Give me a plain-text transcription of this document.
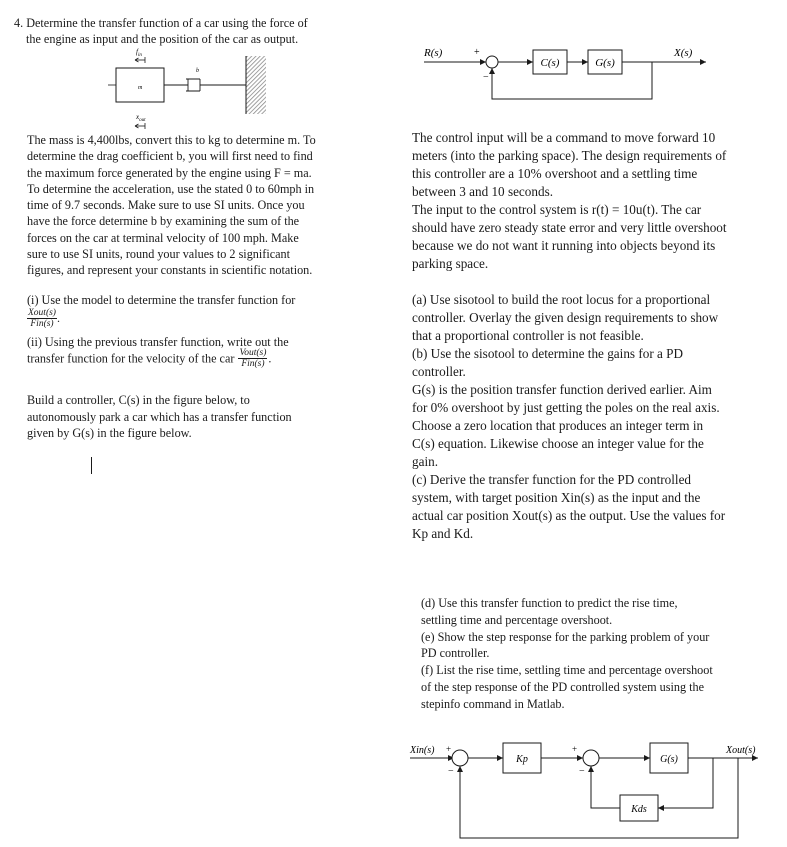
4. Determine the transfer function of a car using the force of
the engine as input and the position of the car as output.
$f_{in}$
m
b
$x_{out}$
The mass is 4,400lbs, convert this to kg to determine m. To
determine the drag coefficient b, you will first need to find
the maximum force generated by the engine using F = ma.
To determine the acceleration, use the stated 0 to 60mph in
time of 9.7 seconds. Make sure to use SI units. Once you
have the force determine b by examining the sum of the
forces on the car at terminal velocity of 100 mph. Make
sure to use SI units, round your values to 2 significant
figures, and represent your constants in scientific notation.
(i) Use the model to determine the transfer function for
$\frac{\text{Xout(s)}}{\text{Fin(s)}}$ .
(ii) Using the previous transfer function, write out the
transfer function for the velocity of the car $\frac{\text{Vout(s)}}{\text{Fin(s)}}$ .
Build a controller, C(s) in the figure below, to
autonomously park a car which has a transfer function
given by G(s) in the figure below.
R(s)	+
−
C(s)	G(s)
X(s)
The control input will be a command to move forward 10
meters (into the parking space). The design requirements of
this controller are a 10% overshoot and a settling time
between 3 and 10 seconds.
The input to the control system is r(t) = 10u(t). The car
should have zero steady state error and very little overshoot
because we do not want it running into objects beyond its
parking space.
(a) Use sisotool to build the root locus for a proportional
controller. Overlay the given design requirements to show
that a proportional controller is not feasible.
(b) Use the sisotool to determine the gains for a PD
controller.
G(s) is the position transfer function derived earlier. Aim
for 0% overshoot by just getting the poles on the real axis.
Choose a zero location that produces an integer term in
C(s) equation. Likewise choose an integer value for the
gain.
(c) Derive the transfer function for the PD controlled
system, with target position Xin(s) as the input and the
actual car position Xout(s) as the output. Use the values for
Kp and Kd.
(d) Use this transfer function to predict the rise time,
settling time and percentage overshoot.
(e) Show the step response for the parking problem of your
PD controller.
(f) List the rise time, settling time and percentage overshoot
of the step response of the PD controlled system using the
stepinfo command in Matlab.
Xin(s) +
−
Kp
+
−
G(s)
Xout(s)
Kds
